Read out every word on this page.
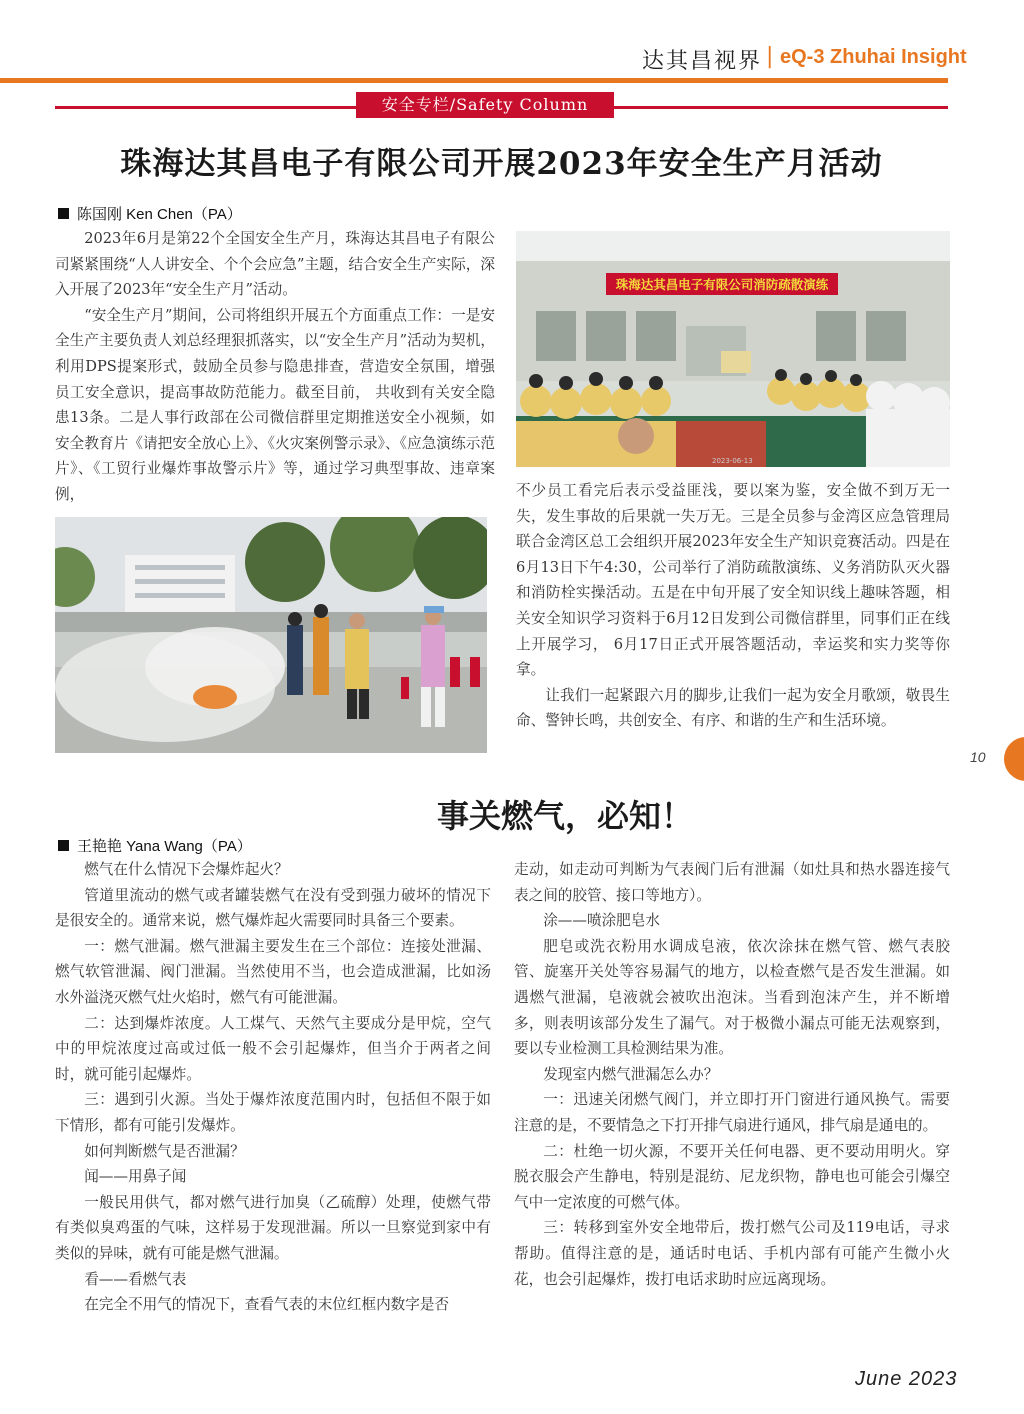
达其昌视界 | eQ-3 Zhuhai Insight
安全专栏/Safety Column
珠海达其昌电子有限公司开展2023年安全生产月活动
陈国刚 Ken Chen（PA）

2023年6月是第22个全国安全生产月，珠海达其昌电子有限公司紧紧围绕“人人讲安全、个个会应急”主题，结合安全生产实际，深入开展了2023年“安全生产月”活动。

“安全生产月”期间，公司将组织开展五个方面重点工作：一是安全生产主要负责人刘总经理狠抓落实，以“安全生产月”活动为契机，利用DPS提案形式，鼓励全员参与隐患排查，营造安全氛围，增强员工安全意识，提高事故防范能力。截至目前， 共收到有关安全隐患13条。二是人事行政部在公司微信群里定期推送安全小视频，如安全教育片《请把安全放心上》、《火灾案例警示录》、《应急演练示范片》、《工贸行业爆炸事故警示片》等，通过学习典型事故、违章案例，

珠海达其昌电子有限公司消防疏散演练
2023-06-13

不少员工看完后表示受益匪浅，要以案为鉴，安全做不到万无一失，发生事故的后果就一失万无。三是全员参与金湾区应急管理局联合金湾区总工会组织开展2023年安全生产知识竞赛活动。四是在6月13日下午4:30，公司举行了消防疏散演练、义务消防队灭火器和消防栓实操活动。五是在中旬开展了安全知识线上趣味答题，相关安全知识学习资料于6月12日发到公司微信群里，同事们正在线上开展学习， 6月17日正式开展答题活动，幸运奖和实力奖等你拿。

让我们一起紧跟六月的脚步,让我们一起为安全月歌颂，敬畏生命、警钟长鸣，共创安全、有序、和谐的生产和生活环境。

10
事关燃气，必知！
王艳艳 Yana Wang（PA）

燃气在什么情况下会爆炸起火？

管道里流动的燃气或者罐装燃气在没有受到强力破坏的情况下是很安全的。通常来说，燃气爆炸起火需要同时具备三个要素。

一：燃气泄漏。燃气泄漏主要发生在三个部位：连接处泄漏、燃气软管泄漏、阀门泄漏。当然使用不当，也会造成泄漏，比如汤水外溢浇灭燃气灶火焰时，燃气有可能泄漏。

二：达到爆炸浓度。人工煤气、天然气主要成分是甲烷，空气中的甲烷浓度过高或过低一般不会引起爆炸，但当介于两者之间时，就可能引起爆炸。

三：遇到引火源。当处于爆炸浓度范围内时，包括但不限于如下情形，都有可能引发爆炸。

如何判断燃气是否泄漏？

闻——用鼻子闻

一般民用供气，都对燃气进行加臭（乙硫醇）处理，使燃气带有类似臭鸡蛋的气味，这样易于发现泄漏。所以一旦察觉到家中有类似的异味，就有可能是燃气泄漏。

看——看燃气表

在完全不用气的情况下，查看气表的末位红框内数字是否

走动，如走动可判断为气表阀门后有泄漏（如灶具和热水器连接气表之间的胶管、接口等地方）。

涂——喷涂肥皂水

肥皂或洗衣粉用水调成皂液，依次涂抹在燃气管、燃气表胶管、旋塞开关处等容易漏气的地方，以检查燃气是否发生泄漏。如遇燃气泄漏，皂液就会被吹出泡沫。当看到泡沫产生，并不断增多，则表明该部分发生了漏气。对于极微小漏点可能无法观察到，要以专业检测工具检测结果为准。

发现室内燃气泄漏怎么办？

一：迅速关闭燃气阀门，并立即打开门窗进行通风换气。需要注意的是，不要情急之下打开排气扇进行通风，排气扇是通电的。

二：杜绝一切火源，不要开关任何电器、更不要动用明火。穿脱衣服会产生静电，特别是混纺、尼龙织物，静电也可能会引爆空气中一定浓度的可燃气体。

三：转移到室外安全地带后，拨打燃气公司及119电话，寻求帮助。值得注意的是，通话时电话、手机内部有可能产生微小火花，也会引起爆炸，拨打电话求助时应远离现场。

June 2023
